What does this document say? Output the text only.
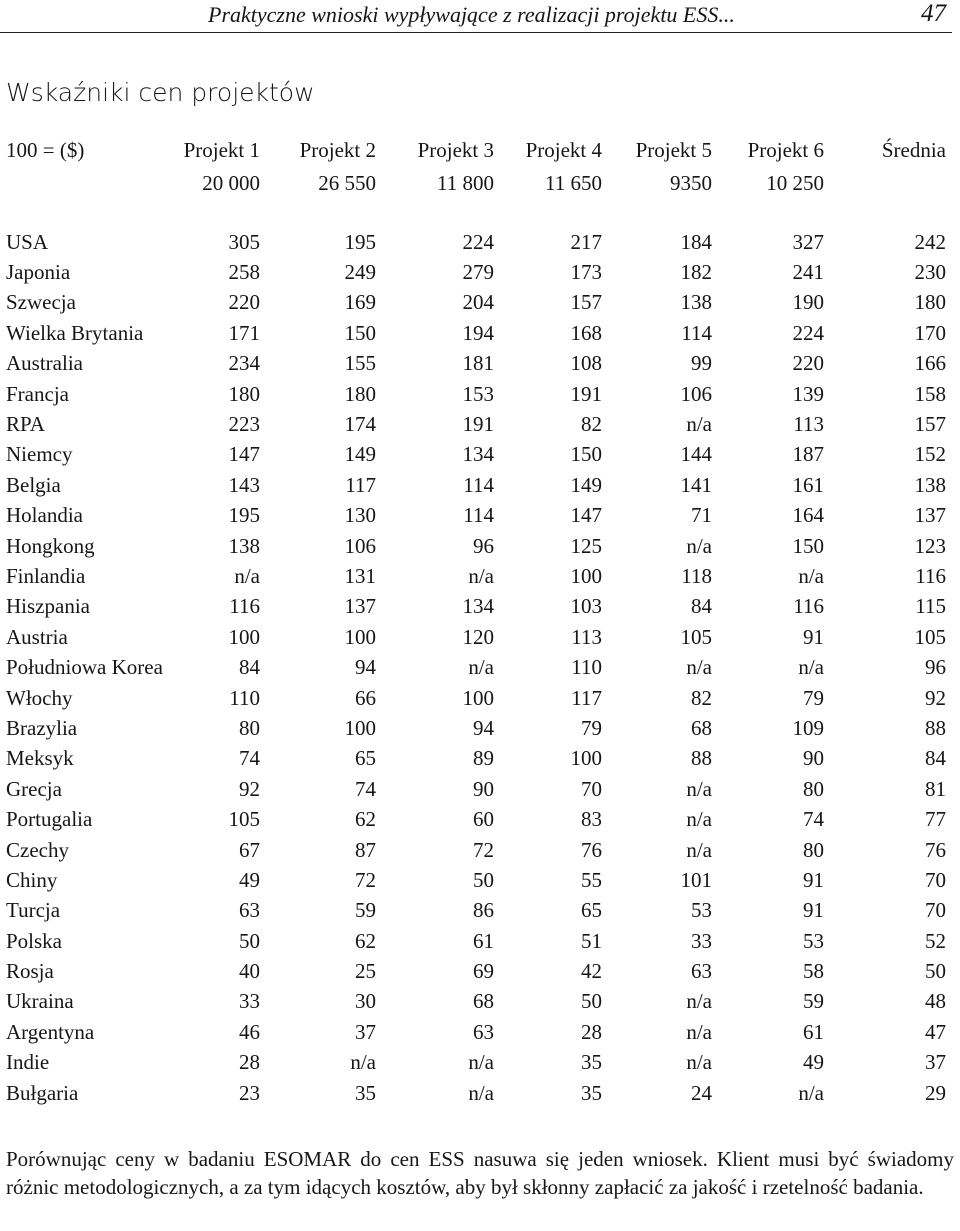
Praktyczne wnioski wypływające z realizacji projektu ESS...	47
Wskaźniki cen projektów
100 = ($)	Projekt 1	Projekt 2	Projekt 3	Projekt 4	Projekt 5	Projekt 6	Średnia
	20 000	26 550	11 800	11 650	9350	10 250	

USA	305	195	224	217	184	327	242
Japonia	258	249	279	173	182	241	230
Szwecja	220	169	204	157	138	190	180
Wielka Brytania	171	150	194	168	114	224	170
Australia	234	155	181	108	99	220	166
Francja	180	180	153	191	106	139	158
RPA	223	174	191	82	n/a	113	157
Niemcy	147	149	134	150	144	187	152
Belgia	143	117	114	149	141	161	138
Holandia	195	130	114	147	71	164	137
Hongkong	138	106	96	125	n/a	150	123
Finlandia	n/a	131	n/a	100	118	n/a	116
Hiszpania	116	137	134	103	84	116	115
Austria	100	100	120	113	105	91	105
Południowa Korea	84	94	n/a	110	n/a	n/a	96
Włochy	110	66	100	117	82	79	92
Brazylia	80	100	94	79	68	109	88
Meksyk	74	65	89	100	88	90	84
Grecja	92	74	90	70	n/a	80	81
Portugalia	105	62	60	83	n/a	74	77
Czechy	67	87	72	76	n/a	80	76
Chiny	49	72	50	55	101	91	70
Turcja	63	59	86	65	53	91	70
Polska	50	62	61	51	33	53	52
Rosja	40	25	69	42	63	58	50
Ukraina	33	30	68	50	n/a	59	48
Argentyna	46	37	63	28	n/a	61	47
Indie	28	n/a	n/a	35	n/a	49	37
Bułgaria	23	35	n/a	35	24	n/a	29
Porównując ceny w badaniu ESOMAR do cen ESS nasuwa się jeden wniosek. Klient musi być świadomy różnic metodologicznych, a za tym idących kosztów, aby był skłonny zapłacić za jakość i rzetelność badania.
